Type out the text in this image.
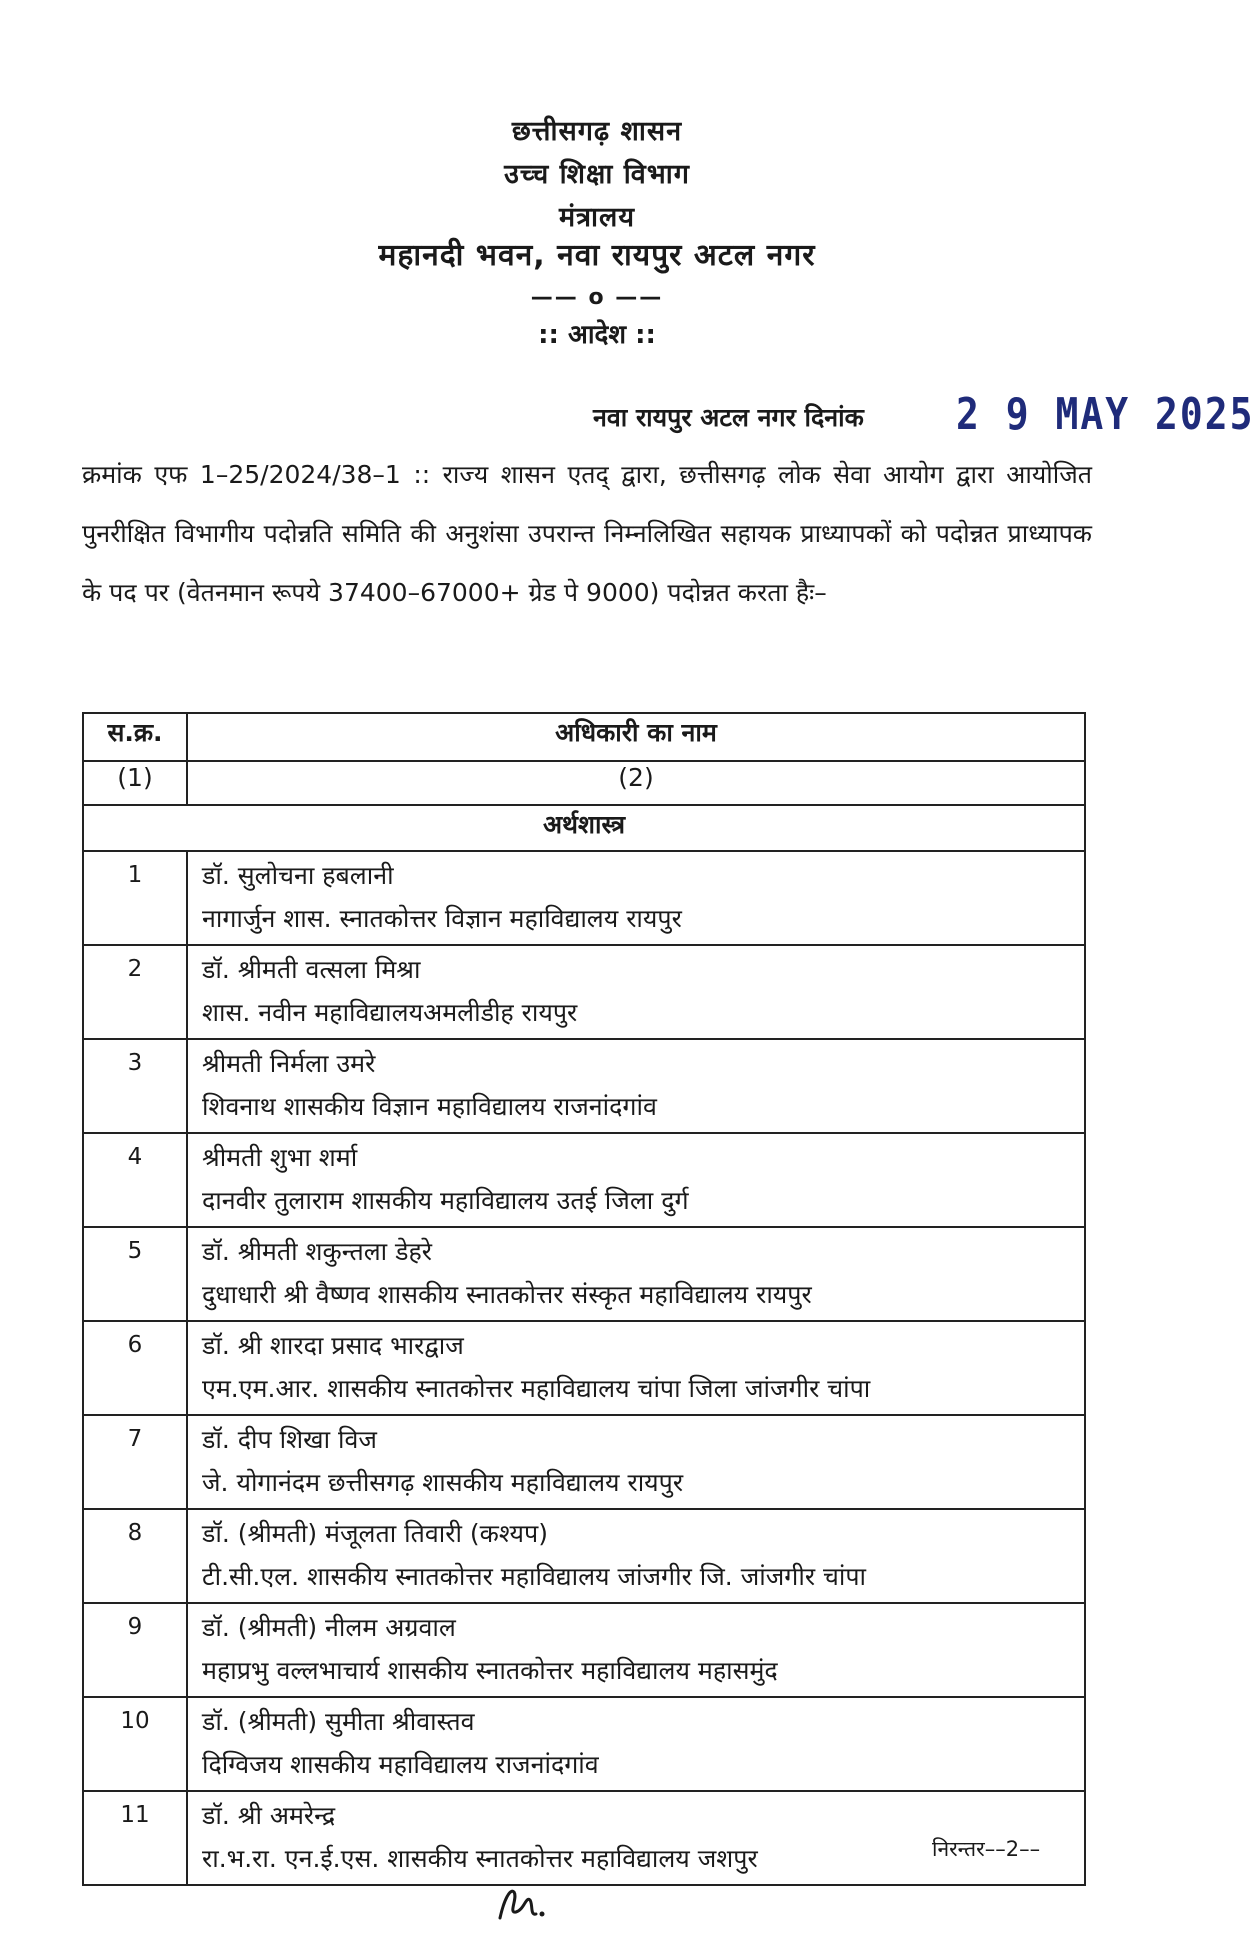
छत्तीसगढ़ शासन
उच्च शिक्षा विभाग
मंत्रालय
महानदी भवन, नवा रायपुर अटल नगर
—— o ——
:: आदेश ::
नवा रायपुर अटल नगर दिनांक 2 9 MAY 2025
क्रमांक एफ 1–25/2024/38–1 :: राज्य शासन एतद् द्वारा, छत्तीसगढ़ लोक सेवा आयोग द्वारा आयोजित पुनरीक्षित विभागीय पदोन्नति समिति की अनुशंसा उपरान्त निम्नलिखित सहायक प्राध्यापकों को पदोन्नत प्राध्यापक के पद पर (वेतनमान रूपये 37400–67000+ ग्रेड पे 9000) पदोन्नत करता हैः–
स.क्र.	अधिकारी का नाम
(1)	(2)
अर्थशास्त्र	
1	डॉ. सुलोचना हबलानी
नागार्जुन शास. स्नातकोत्तर विज्ञान महाविद्यालय रायपुर

2	डॉ. श्रीमती वत्सला मिश्रा
शास. नवीन महाविद्यालयअमलीडीह रायपुर

3	श्रीमती निर्मला उमरे
शिवनाथ शासकीय विज्ञान महाविद्यालय राजनांदगांव

4	श्रीमती शुभा शर्मा
दानवीर तुलाराम शासकीय महाविद्यालय उतई जिला दुर्ग

5	डॉ. श्रीमती शकुन्तला डेहरे
दुधाधारी श्री वैष्णव शासकीय स्नातकोत्तर संस्कृत महाविद्यालय रायपुर

6	डॉ. श्री शारदा प्रसाद भारद्वाज
एम.एम.आर. शासकीय स्नातकोत्तर महाविद्यालय चांपा जिला जांजगीर चांपा

7	डॉ. दीप शिखा विज
जे. योगानंदम छत्तीसगढ़ शासकीय महाविद्यालय रायपुर

8	डॉ. (श्रीमती) मंजूलता तिवारी (कश्यप)
टी.सी.एल. शासकीय स्नातकोत्तर महाविद्यालय जांजगीर जि. जांजगीर चांपा

9	डॉ. (श्रीमती) नीलम अग्रवाल
महाप्रभु वल्लभाचार्य शासकीय स्नातकोत्तर महाविद्यालय महासमुंद

10	डॉ. (श्रीमती) सुमीता श्रीवास्तव
दिग्विजय शासकीय महाविद्यालय राजनांदगांव

11	डॉ. श्री अमरेन्द्र
रा.भ.रा. एन.ई.एस. शासकीय स्नातकोत्तर महाविद्यालय जशपुर	निरन्तर––2––
